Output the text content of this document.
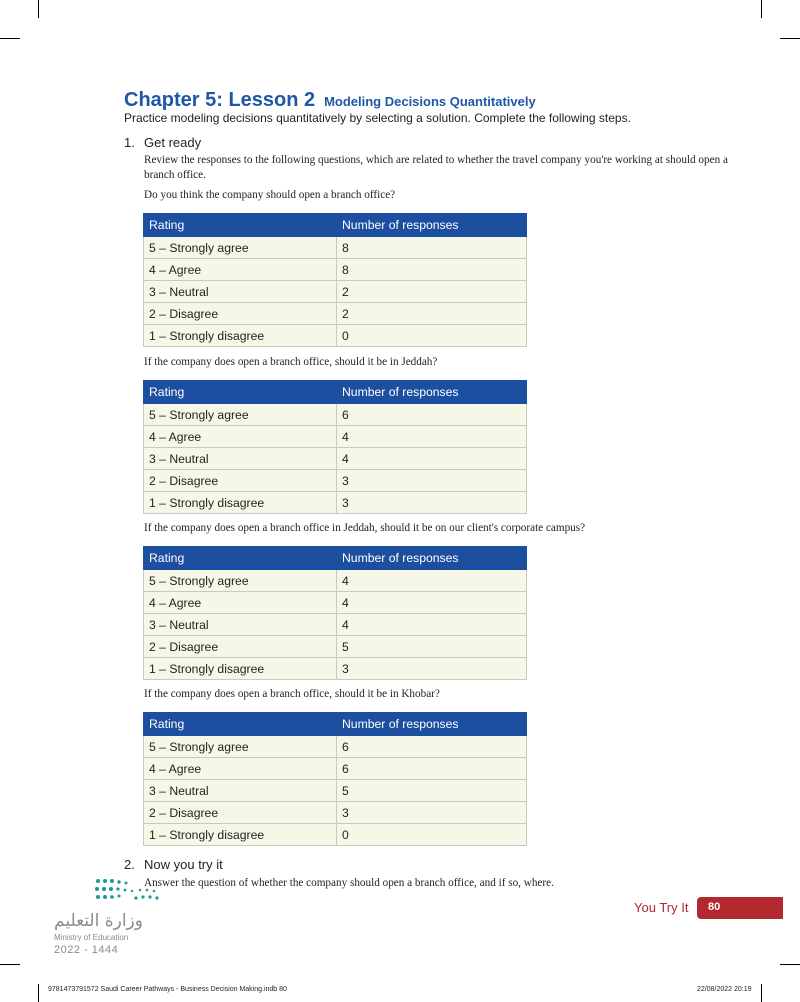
Chapter 5: Lesson 2 Modeling Decisions Quantitatively

Practice modeling decisions quantitatively by selecting a solution. Complete the following steps.

1. Get ready

Review the responses to the following questions, which are related to whether the travel company you're working at should open a branch office.

Do you think the company should open a branch office?

Rating	Number of responses
5 – Strongly agree	8
4 – Agree	8
3 – Neutral	2
2 – Disagree	2
1 – Strongly disagree	0

If the company does open a branch office, should it be in Jeddah?

Rating	Number of responses
5 – Strongly agree	6
4 – Agree	4
3 – Neutral	4
2 – Disagree	3
1 – Strongly disagree	3

If the company does open a branch office in Jeddah, should it be on our client's corporate campus?

Rating	Number of responses
5 – Strongly agree	4
4 – Agree	4
3 – Neutral	4
2 – Disagree	5
1 – Strongly disagree	3

If the company does open a branch office, should it be in Khobar?

Rating	Number of responses
5 – Strongly agree	6
4 – Agree	6
3 – Neutral	5
2 – Disagree	3
1 – Strongly disagree	0
2. Now you try it

Answer the question of whether the company should open a branch office, and if so, where.

وزارة التعليم
Ministry of Education
2022 - 1444
You Try It 80
9781473791572 Saudi Career Pathways - Business Decision Making.indb 80	22/08/2022 20:19
